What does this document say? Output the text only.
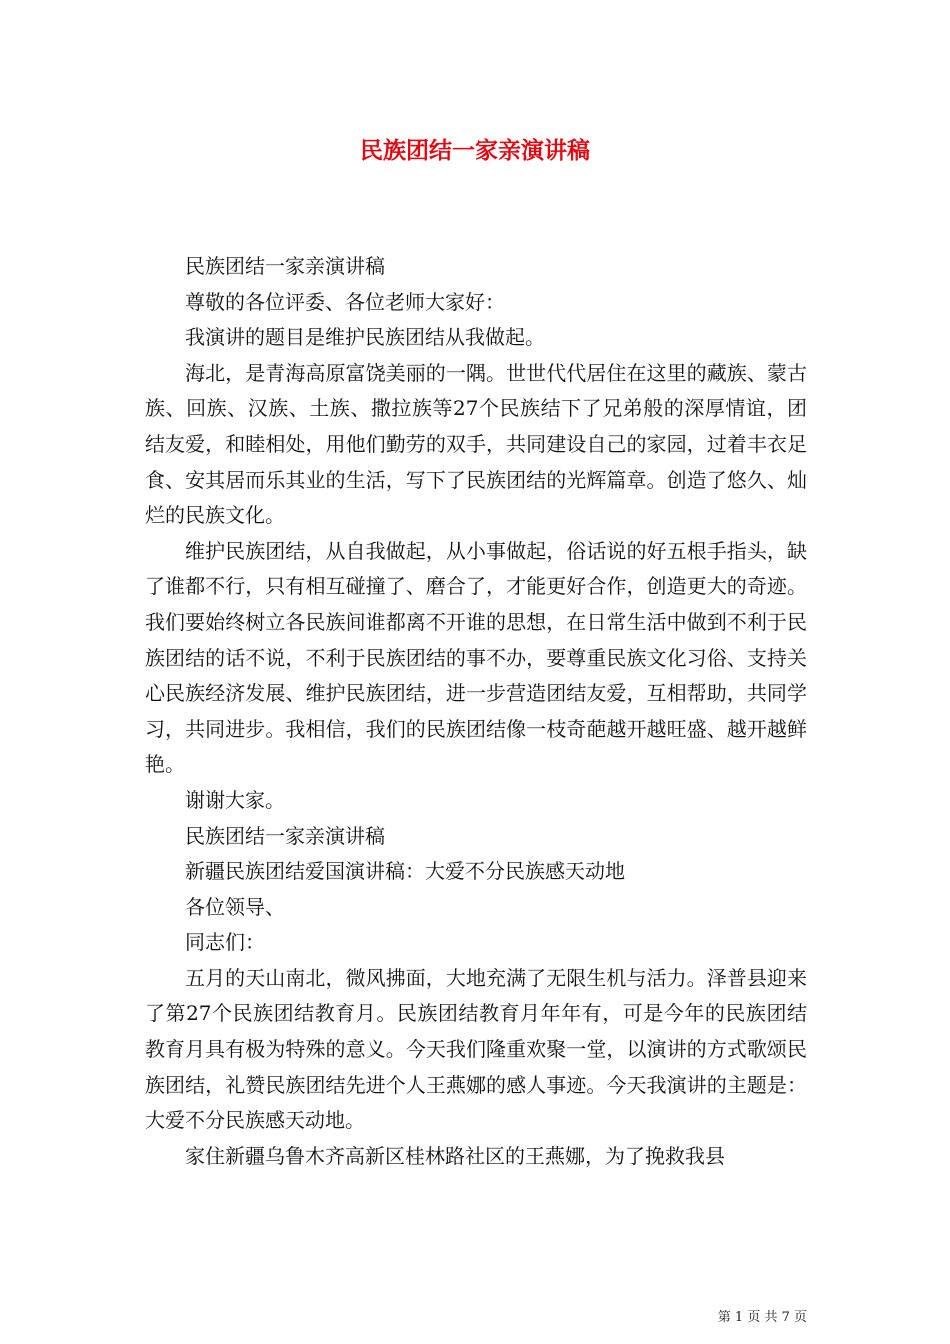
民族团结一家亲演讲稿

民族团结一家亲演讲稿

尊敬的各位评委、各位老师大家好：

我演讲的题目是维护民族团结从我做起。

海北，是青海高原富饶美丽的一隅。世世代代居住在这里的藏族、蒙古族、回族、汉族、土族、撒拉族等27个民族结下了兄弟般的深厚情谊，团结友爱，和睦相处，用他们勤劳的双手，共同建设自己的家园，过着丰衣足食、安其居而乐其业的生活，写下了民族团结的光辉篇章。创造了悠久、灿烂的民族文化。

维护民族团结，从自我做起，从小事做起，俗话说的好五根手指头，缺了谁都不行，只有相互碰撞了、磨合了，才能更好合作，创造更大的奇迹。我们要始终树立各民族间谁都离不开谁的思想，在日常生活中做到不利于民族团结的话不说，不利于民族团结的事不办，要尊重民族文化习俗、支持关心民族经济发展、维护民族团结，进一步营造团结友爱，互相帮助，共同学习，共同进步。我相信，我们的民族团结像一枝奇葩越开越旺盛、越开越鲜艳。

谢谢大家。

民族团结一家亲演讲稿

新疆民族团结爱国演讲稿：大爱不分民族感天动地

各位领导、

同志们：

五月的天山南北，微风拂面，大地充满了无限生机与活力。泽普县迎来了第27个民族团结教育月。民族团结教育月年年有，可是今年的民族团结教育月具有极为特殊的意义。今天我们隆重欢聚一堂，以演讲的方式歌颂民族团结，礼赞民族团结先进个人王燕娜的感人事迹。今天我演讲的主题是：大爱不分民族感天动地。

家住新疆乌鲁木齐高新区桂林路社区的王燕娜，为了挽救我县

第 1 页 共 7 页
